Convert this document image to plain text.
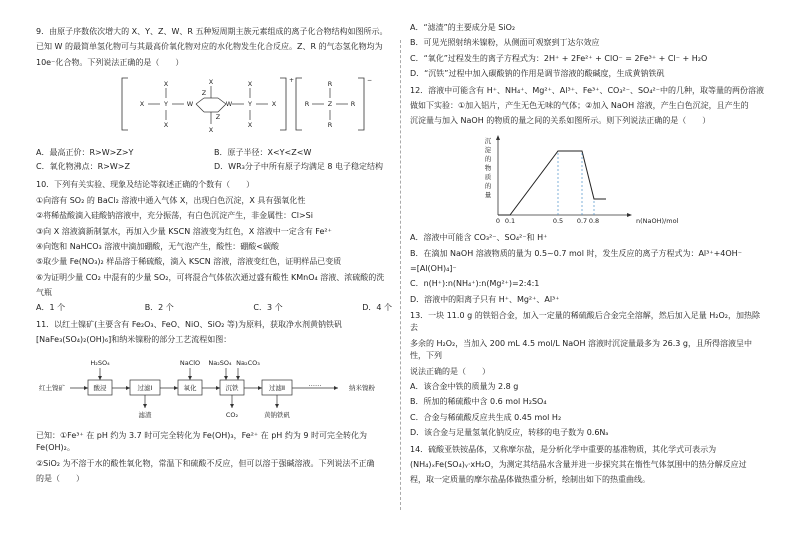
9．由原子序数依次增大的 X、Y、Z、W、R 五种短周期主族元素组成的离子化合物结构如图所示。

已知 W 的最简单氢化物可与其最高价氧化物对应的水化物发生化合反应。Z、R 的气态氢化物均为

10e⁻化合物。下列说法正确的是（　　）

X	Y
X
X
W
X
X
W Y
X
X
X
Z
Z
+
R	Z
R
R
R
−
A．最高正价：R>W>Z>Y	B．原子半径：X<Y<Z<W
C．氧化物沸点：R>W>Z	D．WR₃分子中所有原子均满足 8 电子稳定结构

10．下列有关实验、现象及结论等叙述正确的个数有（　　）

①向溶有 SO₂ 的 BaCl₂ 溶液中通入气体 X，出现白色沉淀，X 具有强氧化性

②将稀盐酸滴入硅酸钠溶液中，充分振荡，有白色沉淀产生，非金属性：Cl>Si

③向 X 溶液滴新制氯水，再加入少量 KSCN 溶液变为红色，X 溶液中一定含有 Fe²⁺

④向饱和 NaHCO₃ 溶液中滴加硼酸，无气泡产生，酸性：硼酸<碳酸

⑤取少量 Fe(NO₃)₂ 样品溶于稀硫酸，滴入 KSCN 溶液，溶液变红色，证明样品已变质

⑥为证明少量 CO₂ 中混有的少量 SO₂，可将混合气体依次通过盛有酸性 KMnO₄ 溶液、浓硫酸的洗

气瓶

A．1 个	B．2 个	C．3 个	D．4 个

11．以红土镍矿(主要含有 Fe₂O₃、FeO、NiO、SiO₂ 等)为原料，获取净水剂黄钠铁矾

[NaFe₃(SO₄)₂(OH)₆]和纳米镍粉的部分工艺流程如图：

红土镍矿
H₂SO₄
酸浸	过滤Ⅰ
NaClO
氧化
Na₂SO₄ Na₂CO₃
沉铁	过滤Ⅱ	……	纳米镍粉
滤渣	CO₂	黄钠铁矾

已知：①Fe³⁺ 在 pH 约为 3.7 时可完全转化为 Fe(OH)₃，Fe²⁺ 在 pH 约为 9 时可完全转化为 Fe(OH)₂。

②SiO₂ 为不溶于水的酸性氧化物，常温下和硫酸不反应，但可以溶于强碱溶液。下列说法不正确

的是（　　）

A．“滤渣”的主要成分是 SiO₂

B．可见光照射纳米镍粉，从侧面可观察到丁达尔效应

C．“氧化”过程发生的离子方程式为：2H⁺ + 2Fe²⁺ + ClO⁻ = 2Fe³⁺ + Cl⁻ + H₂O

D．“沉铁”过程中加入碳酸钠的作用是调节溶液的酸碱度，生成黄钠铁矾

12．溶液中可能含有 H⁺、NH₄⁺、Mg²⁺、Al³⁺、Fe³⁺、CO₃²⁻、SO₄²⁻中的几种，取等量的两份溶液

做如下实验：①加入铝片，产生无色无味的气体；②加入 NaOH 溶液，产生白色沉淀，且产生的

沉淀量与加入 NaOH 的物质的量之间的关系如图所示。则下列说法正确的是（　　）

沉
淀
的
物
质
的
量
0 0.1	0.5 0.7 0.8	n(NaOH)/mol

A．溶液中可能含 CO₃²⁻、SO₄²⁻和 H⁺

B．在滴加 NaOH 溶液物质的量为 0.5~0.7 mol 时，发生反应的离子方程式为：Al³⁺+4OH⁻

=[Al(OH)₄]⁻

C．n(H⁺):n(NH₄⁺):n(Mg²⁺)=2:4:1

D．溶液中的阳离子只有 H⁺、Mg²⁺、Al³⁺

13．一块 11.0 g 的铁铝合金，加入一定量的稀硫酸后合金完全溶解，然后加入足量 H₂O₂，加热除去

多余的 H₂O₂，当加入 200 mL 4.5 mol/L NaOH 溶液时沉淀量最多为 26.3 g，且所得溶液呈中性，下列

说法正确的是（　　）

A．该合金中铁的质量为 2.8 g

B．所加的稀硫酸中含 0.6 mol H₂SO₄

C．合金与稀硫酸反应共生成 0.45 mol H₂

D．该合金与足量氢氧化钠反应，转移的电子数为 0.6Nₐ

14．硫酸亚铁铵晶体，又称摩尔盐，是分析化学中重要的基准物质，其化学式可表示为

(NH₄)ₓFe(SO₄)ᵧ·xH₂O，为测定其结晶水含量并进一步探究其在惰性气体氛围中的热分解反应过

程，取一定质量的摩尔盐晶体做热重分析，绘制出如下的热重曲线。
